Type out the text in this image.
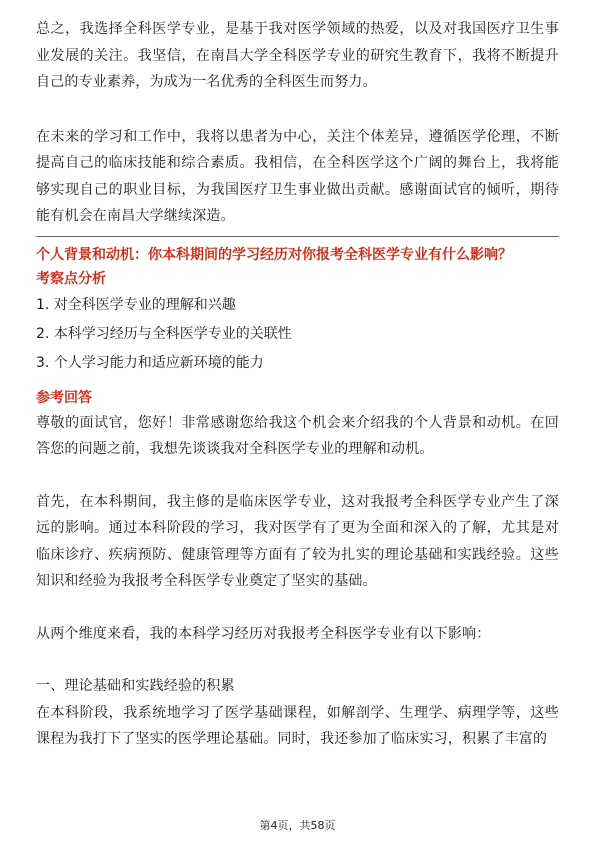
总之，我选择全科医学专业，是基于我对医学领域的热爱，以及对我国医疗卫生事业发展的关注。我坚信，在南昌大学全科医学专业的研究生教育下，我将不断提升自己的专业素养，为成为一名优秀的全科医生而努力。

在未来的学习和工作中，我将以患者为中心，关注个体差异，遵循医学伦理，不断提高自己的临床技能和综合素质。我相信，在全科医学这个广阔的舞台上，我将能够实现自己的职业目标，为我国医疗卫生事业做出贡献。感谢面试官的倾听，期待能有机会在南昌大学继续深造。

个人背景和动机：你本科期间的学习经历对你报考全科医学专业有什么影响？
考察点分析
1. 对全科医学专业的理解和兴趣
2. 本科学习经历与全科医学专业的关联性
3. 个人学习能力和适应新环境的能力
参考回答

尊敬的面试官，您好！非常感谢您给我这个机会来介绍我的个人背景和动机。在回答您的问题之前，我想先谈谈我对全科医学专业的理解和动机。

首先，在本科期间，我主修的是临床医学专业，这对我报考全科医学专业产生了深远的影响。通过本科阶段的学习，我对医学有了更为全面和深入的了解，尤其是对临床诊疗、疾病预防、健康管理等方面有了较为扎实的理论基础和实践经验。这些知识和经验为我报考全科医学专业奠定了坚实的基础。

从两个维度来看，我的本科学习经历对我报考全科医学专业有以下影响：

一、理论基础和实践经验的积累

在本科阶段，我系统地学习了医学基础课程，如解剖学、生理学、病理学等，这些课程为我打下了坚实的医学理论基础。同时，我还参加了临床实习，积累了丰富的

第4页，共58页
